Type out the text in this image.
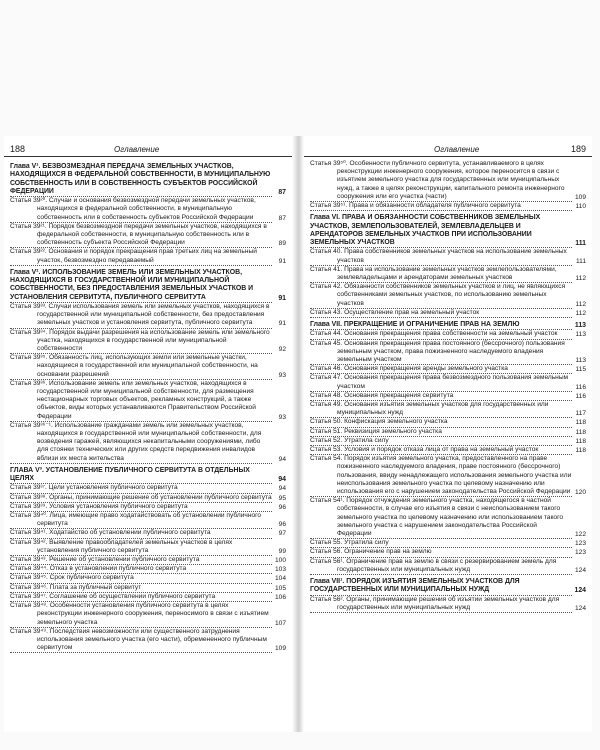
188	Оглавление
Глава V¹. БЕЗВОЗМЕЗДНАЯ ПЕРЕДАЧА ЗЕМЕЛЬНЫХ УЧАСТКОВ, НАХОДЯЩИХСЯ В ФЕДЕРАЛЬНОЙ СОБСТВЕННОСТИ, В МУНИЦИПАЛЬНУЮ СОБСТВЕННОСТЬ ИЛИ В СОБСТВЕННОСТЬ СУБЪЕКТОВ РОССИЙСКОЙ ФЕДЕРАЦИИ	87
Статья 39²⁰. Случаи и основания безвозмездной передачи земельных участков, находящихся в федеральной собственности, в муниципальную собственность или в собственность субъектов Российской Федерации	87
Статья 39²¹. Порядок безвозмездной передачи земельных участков, находящихся в федеральной собственности, в муниципальную собственность или в собственность субъекта Российской Федерации	89
Статья 39²². Основания и порядок прекращения прав третьих лиц на земельный участок, безвозмездно передаваемый	91
Глава V². ИСПОЛЬЗОВАНИЕ ЗЕМЕЛЬ ИЛИ ЗЕМЕЛЬНЫХ УЧАСТКОВ, НАХОДЯЩИХСЯ В ГОСУДАРСТВЕННОЙ ИЛИ МУНИЦИПАЛЬНОЙ СОБСТВЕННОСТИ, БЕЗ ПРЕДОСТАВЛЕНИЯ ЗЕМЕЛЬНЫХ УЧАСТКОВ И УСТАНОВЛЕНИЯ СЕРВИТУТА, ПУБЛИЧНОГО СЕРВИТУТА	91
Статья 39³³. Случаи использования земель или земельных участков, находящихся в государственной или муниципальной собственности, без предоставления земельных участков и установления сервитута, публичного сервитута	91
Статья 39³⁴. Порядок выдачи разрешения на использование земель или земельного участка, находящихся в государственной или муниципальной собственности	92
Статья 39³⁵. Обязанность лиц, использующих земли или земельные участки, находящиеся в государственной или муниципальной собственности, на основании разрешений	93
Статья 39³⁶. Использование земель или земельных участков, находящихся в государственной или муниципальной собственности, для размещения нестационарных торговых объектов, рекламных конструкций, а также объектов, виды которых устанавливаются Правительством Российской Федерации	93
Статья 39³⁶⁻¹. Использование гражданами земель или земельных участков, находящихся в государственной или муниципальной собственности, для возведения гаражей, являющихся некапитальными сооружениями, либо для стоянки технических или других средств передвижения инвалидов вблизи их места жительства	94
ГЛАВА V³. УСТАНОВЛЕНИЕ ПУБЛИЧНОГО СЕРВИТУТА В ОТДЕЛЬНЫХ ЦЕЛЯХ	94
Статья 39³⁷. Цели установления публичного сервитута	94
Статья 39³⁸. Органы, принимающие решение об установлении публичного сервитута 95
Статья 39³⁹. Условия установления публичного сервитута	96
Статья 39⁴⁰. Лица, имеющие право ходатайствовать об установлении публичного сервитута	96
Статья 39⁴¹. Ходатайство об установлении публичного сервитута	97
Статья 39⁴². Выявление правообладателей земельных участков в целях установления публичного сервитута	99
Статья 39⁴³. Решение об установлении публичного сервитута	100
Статья 39⁴⁴. Отказ в установлении публичного сервитута	103
Статья 39⁴⁵. Срок публичного сервитута	104
Статья 39⁴⁶. Плата за публичный сервитут	105
Статья 39⁴⁷. Соглашение об осуществлении публичного сервитута	106
Статья 39⁴⁸. Особенности установления публичного сервитута в целях реконструкции инженерного сооружения, переносимого в связи с изъятием земельного участка	107
Статья 39⁴⁹. Последствия невозможности или существенного затруднения использования земельного участка (его части), обремененного публичным сервитутом	109
Оглавление	189
Статья 39⁵⁰. Особенности публичного сервитута, устанавливаемого в целях реконструкции инженерного сооружения, которое переносится в связи с изъятием земельного участка для государственных или муниципальных нужд, а также в целях реконструкции, капитального ремонта инженерного сооружения или его участка (части)	109
Статья 39⁵¹. Права и обязанности обладателя публичного сервитута	110
Глава VI. ПРАВА И ОБЯЗАННОСТИ СОБСТВЕННИКОВ ЗЕМЕЛЬНЫХ УЧАСТКОВ, ЗЕМЛЕПОЛЬЗОВАТЕЛЕЙ, ЗЕМЛЕВЛАДЕЛЬЦЕВ И АРЕНДАТОРОВ ЗЕМЕЛЬНЫХ УЧАСТКОВ ПРИ ИСПОЛЬЗОВАНИИ ЗЕМЕЛЬНЫХ УЧАСТКОВ	111
Статья 40. Права собственников земельных участков на использование земельных участков	111
Статья 41. Права на использование земельных участков землепользователями, землевладельцами и арендаторами земельных участков	112
Статья 42. Обязанности собственников земельных участков и лиц, не являющихся собственниками земельных участков, по использованию земельных участков	112
Статья 43. Осуществление прав на земельный участок	112
Глава VII. ПРЕКРАЩЕНИЕ И ОГРАНИЧЕНИЕ ПРАВ НА ЗЕМЛЮ	113
Статья 44. Основания прекращения права собственности на земельный участок	113
Статья 45. Основания прекращения права постоянного (бессрочного) пользования земельным участком, права пожизненного наследуемого владения земельным участком	113
Статья 46. Основания прекращения аренды земельного участка	115
Статья 47. Основания прекращения права безвозмездного пользования земельным участком	116
Статья 48. Основания прекращения сервитута	116
Статья 49. Основания изъятия земельных участков для государственных или муниципальных нужд	117
Статья 50. Конфискация земельного участка	118
Статья 51. Реквизиция земельного участка	118
Статья 52. Утратила силу	118
Статья 53. Условия и порядок отказа лица от права на земельный участок	118
Статья 54. Порядок изъятия земельного участка, предоставленного на праве пожизненного наследуемого владения, праве постоянного (бессрочного) пользования, ввиду ненадлежащего использования земельного участка или неиспользования земельного участка по целевому назначению или использования его с нарушением законодательства Российской Федерации 120
Статья 54¹. Порядок отчуждения земельного участка, находящегося в частной собственности, в случае его изъятия в связи с неиспользованием такого земельного участка по целевому назначению или использованием такого земельного участка с нарушением законодательства Российской Федерации	122
Статья 55. Утратила силу	123
Статья 56. Ограничение прав на землю	123
Статья 56¹. Ограничение прав на землю в связи с резервированием земель для государственных или муниципальных нужд	124
Глава VII¹. ПОРЯДОК ИЗЪЯТИЯ ЗЕМЕЛЬНЫХ УЧАСТКОВ ДЛЯ ГОСУДАРСТВЕННЫХ ИЛИ МУНИЦИПАЛЬНЫХ НУЖД	124
Статья 56². Органы, принимающие решения об изъятии земельных участков для государственных или муниципальных нужд	124
